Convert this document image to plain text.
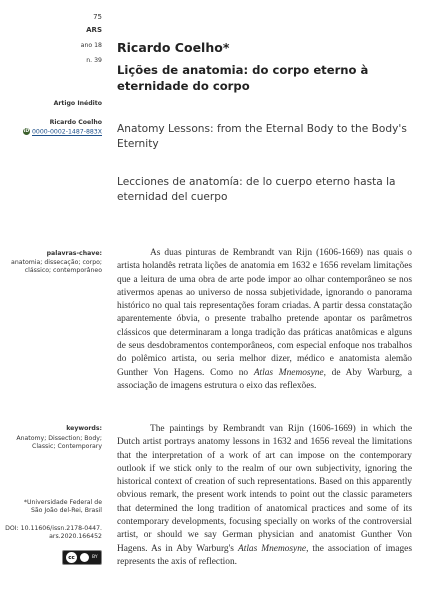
75
ARS
ano 18
n. 39
Artigo Inédito
Ricardo Coelho
iD 0000-0002-1487-883X
palavras-chave:
anatomia; dissecação; corpo;
clássico; contemporâneo
keywords:
Anatomy; Dissection; Body;
Classic; Contemporary
*Universidade Federal de
São João del-Rei, Brasil
DOI: 10.11606/issn.2178-0447.
ars.2020.166452
cc	BY
Ricardo Coelho*
Lições de anatomia: do corpo eterno à eternidade do corpo
Anatomy Lessons: from the Eternal Body to the Body's Eternity
Lecciones de anatomía: de lo cuerpo eterno hasta la eternidad del cuerpo

As duas pinturas de Rembrandt van Rijn (1606-1669) nas quais o artista holandês retrata lições de anatomia em 1632 e 1656 revelam limitações que a leitura de uma obra de arte pode impor ao olhar contemporâneo se nos ativermos apenas ao universo de nossa subjetividade, ignorando o panorama histórico no qual tais representações foram criadas. A partir dessa constatação aparentemente óbvia, o presente trabalho pretende apontar os parâmetros clássicos que determinaram a longa tradição das práticas anatômicas e alguns de seus desdobramentos contemporâneos, com especial enfoque nos trabalhos do polêmico artista, ou seria melhor dizer, médico e anatomista alemão Gunther Von Hagens. Como no Atlas Mnemosyne, de Aby Warburg, a associação de imagens estrutura o eixo das reflexões.

The paintings by Rembrandt van Rijn (1606-1669) in which the Dutch artist portrays anatomy lessons in 1632 and 1656 reveal the limitations that the interpretation of a work of art can impose on the contemporary outlook if we stick only to the realm of our own subjectivity, ignoring the historical context of creation of such representations. Based on this apparently obvious remark, the present work intends to point out the classic parameters that determined the long tradition of anatomical practices and some of its contemporary developments, focusing specially on works of the controversial artist, or should we say German physician and anatomist Gunther Von Hagens. As in Aby Warburg's Atlas Mnemosyne, the association of images represents the axis of reflection.
